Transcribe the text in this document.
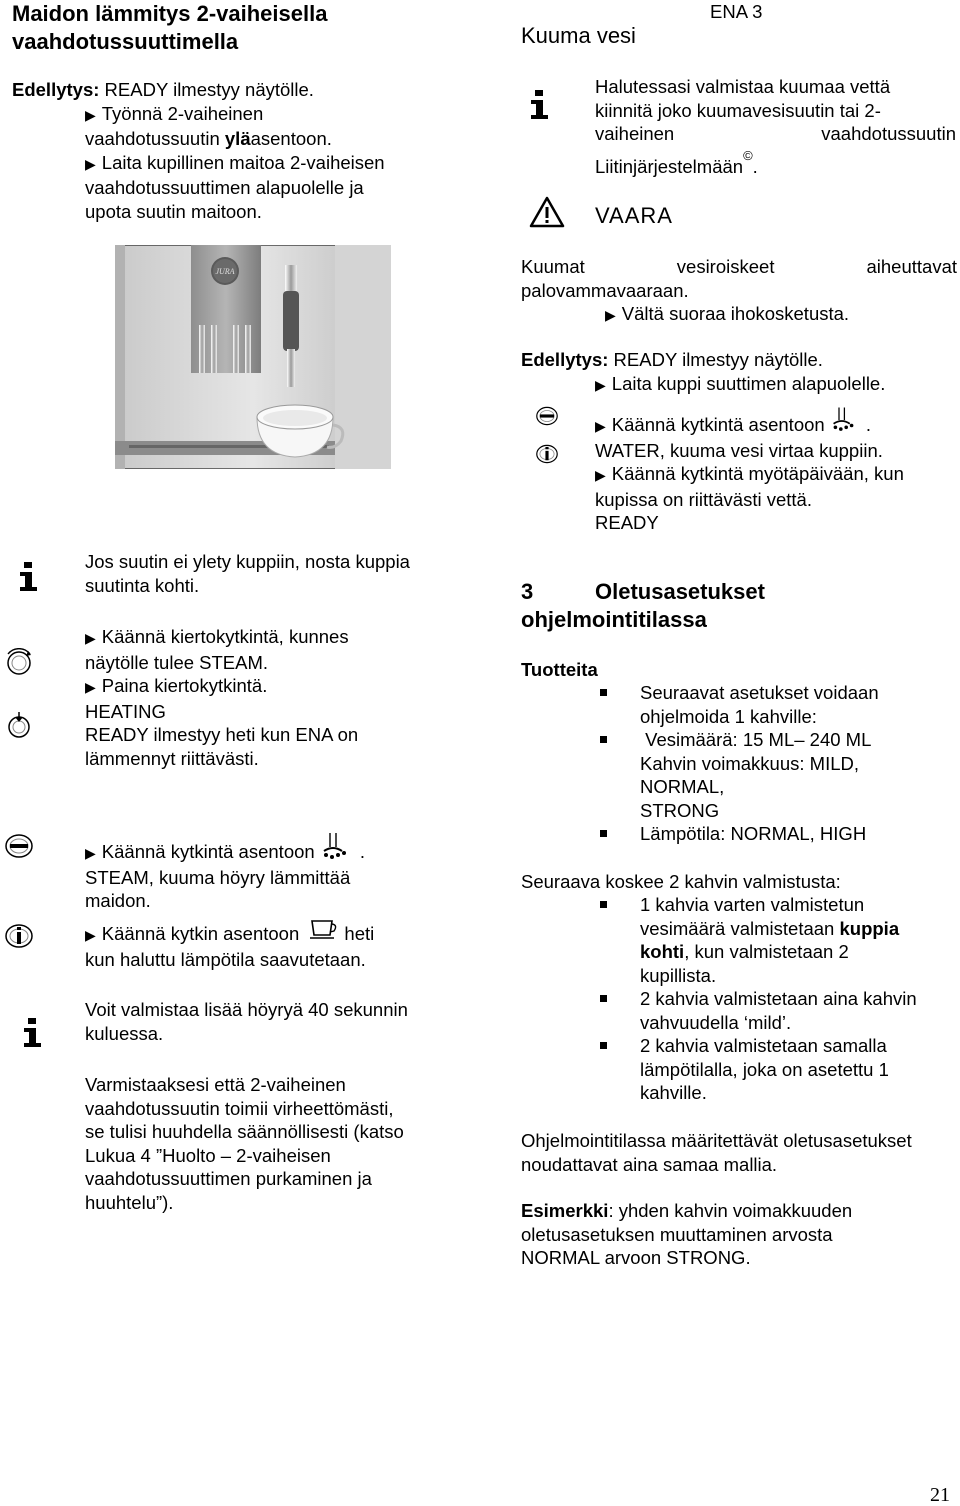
Maidon lämmitys 2-vaiheisella
vaahdotussuuttimella
Edellytys: READY ilmestyy näytölle.
▶ Työnnä 2-vaiheinen
vaahdotussuutin yläasentoon.
▶ Laita kupillinen maitoa 2-vaiheisen
vaahdotussuuttimen alapuolelle ja
upota suutin maitoon.
JURA
Jos suutin ei ylety kuppiin, nosta kuppia
suutinta kohti.
▶ Käännä kiertokytkintä, kunnes
näytölle tulee STEAM.
▶ Paina kiertokytkintä.
HEATING
READY ilmestyy heti kun ENA on
lämmennyt riittävästi.
▶ Käännä kytkintä asentoon .
STEAM, kuuma höyry lämmittää
maidon.
▶ Käännä kytkin asentoon heti
kun haluttu lämpötila saavutetaan.
Voit valmistaa lisää höyryä 40 sekunnin
kuluessa.
Varmistaaksesi että 2-vaiheinen
vaahdotussuutin toimii virheettömästi,
se tulisi huuhdella säännöllisesti (katso
Lukua 4 ”Huolto – 2-vaiheisen
vaahdotussuuttimen purkaminen ja
huuhtelu”).
ENA 3
Kuuma vesi
Halutessasi valmistaa kuumaa vettä
kiinnitä joko kuumavesisuutin tai 2-
vaiheinen	vaahdotussuutin
Liitinjärjestelmään©.
VAARA
Kuumat	vesiroiskeet	aiheuttavat
palovammavaaraan.
▶ Vältä suoraa ihokosketusta.
Edellytys: READY ilmestyy näytölle.
▶ Laita kuppi suuttimen alapuolelle.
▶ Käännä kytkintä asentoon .
WATER, kuuma vesi virtaa kuppiin.
▶ Käännä kytkintä myötäpäivään, kun
kupissa on riittävästi vettä.
READY
3	Oletusasetukset
ohjelmointitilassa
Tuotteita
Seuraavat asetukset voidaan
ohjelmoida 1 kahville:
Vesimäärä: 15 ML– 240 ML
Kahvin voimakkuus: MILD,
NORMAL,
STRONG
Lämpötila: NORMAL, HIGH
Seuraava koskee 2 kahvin valmistusta:
1 kahvia varten valmistetun
vesimäärä valmistetaan kuppia
kohti, kun valmistetaan 2
kupillista.
2 kahvia valmistetaan aina kahvin
vahvuudella ‘mild’.
2 kahvia valmistetaan samalla
lämpötilalla, joka on asetettu 1
kahville.
Ohjelmointitilassa määritettävät oletusasetukset
noudattavat aina samaa mallia.
Esimerkki: yhden kahvin voimakkuuden
oletusasetuksen muuttaminen arvosta
NORMAL arvoon STRONG.
21
